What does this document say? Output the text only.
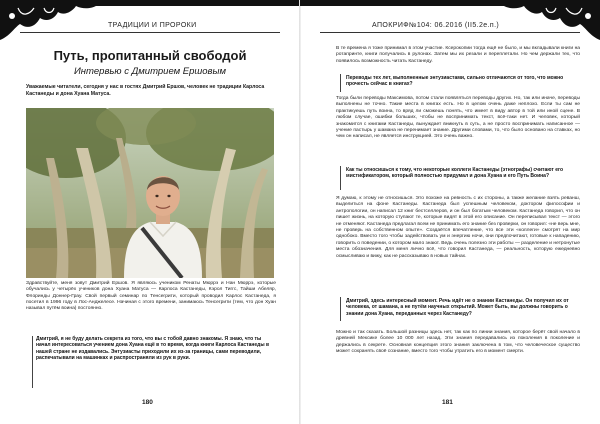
ТРАДИЦИИ И ПРОРОКИ
Путь, пропитанный свободой
Интервью с Дмитрием Ершовым
Уважаемые читатели, сегодня у нас в гостях Дмитрий Ершов, человек не традиции Карлоса Кастанеды и дона Хуана Матуса.
Здравствуйте, меня зовут Дмитрий Ершов. Я являюсь учеником Ренаты Мюррэ и Нан Мюррэ, которые обучались у четырёх учеников дона Хуана Матуса — Карлоса Кастанеды, Кэрол Тиггс, Тайши Абеляр, Флоринды Доннер-Грау. Свой первый семинар по Тенсегрити, который проводил Карлос Кастанеда, я посетил в 1996 году в Лос-Анджелесе. Начиная с этого времени, занимаюсь Тенсегрити (тем, что дон Хуан называл путём воина) постоянно.
Дмитрий, я не буду делать секрета из того, что вы с тобой давно знакомы. Я знаю, что ты начал интересоваться учением дона Хуана ещё в то время, когда книги Карлоса Кастанеды в нашей стране не издавались. Энтузиасты приходили их из-за границы, сами переводили, распечатывали на машинках и распространяли из рук в руки.
180
АПОКРИФ№104: 06.2016 (II5.2e.п.)
В те времена я тоже принимал в этом участие. Ксерокопии тогда ещё не было, и мы вкладывали книги на ротапринте, книги получались в рулонах. Затем мы их резали и переплетали. Но чем держали тех, что появилось возможность читать Кастанеду.
Переводы тех лет, выполненные энтузиастами, сильно отличаются от того, что можно прочесть сейчас в книгах?
Тогда были переводы Максимова, потом стали появляться переводы других. Но, так или иначе, переводы выполнены не точно. Такие места в книгах есть. Но в целом очень даже неплохо. Если ты сам не практикуешь путь воина, то вряд ли сможешь понять, что имеет в виду автор в той или иной сцене. В любом случае, ошибки больших, чтобы не воспринимать текст, всё-таки нет. И человек, который знакомится с книгами Кастанеды, вынуждает вникнуть в суть, а не просто воспринимать написанное — учение пастырь у шамана не перенимает знание. Другими словами, то, что было основано на ставках, но чем он написал, не является инструкцией. Это очень важно.
Как ты относишься к тому, что некоторые коллеги Кастанеды (этнографы) считают его мистификатором, который полностью придумал и дона Хуана и его Путь Воина?
Я думаю, к этому не относишься. Это похоже на ревность с их стороны, а также желание взять реванш, выделиться на фоне Кастанеды. Кастанеда был успешным человеком, доктором философии и антропологии, он написал 12 книг бестселлеров, и он был богатым человеком. Кастанеда говорил, что он пишет жизнь, на которую ступают те, которые видят в этой его описание. Он переписывал текст — этого не отменяют. Кастанеда предлагал всем не принимать его знание без проверки, он говорил: «не верь мне, не проверь на собственном опыте». Создаётся впечатление, что все эти «коллеги» смотрят на мир однобоко. Вместо того чтобы задействовать ум и энергию ночи, они предпочитают, готовые к нападению, говорить о поведении, о котором мало знают. Ведь очень полезно эти работы — разделение и нетронутые места обозначения. Для меня лично всё, что говорил Кастанеда, — реальность, которую ежедневно осмысливаю и вижу, как не рассказываю в новых тайнах.
Дмитрий, здесь интересный момент. Речь идёт не о знании Кастанеды. Он получил их от человека, от шамана, а не путём научных открытий. Может быть, вы должны говорить о знании дона Хуана, переданных через Кастанеду?
Можно и так сказать. Большой разницы здесь нет, так как по линии знания, которое берёт свой начало в древней Мексике более 10 000 лет назад. Эти знания передавались из поколения в поколение и держались в секрете. Основная концепция этого знания заключена в том, что человеческое существо может сохранять своё сознание, вместо того чтобы утратить его в момент смерти.
181
